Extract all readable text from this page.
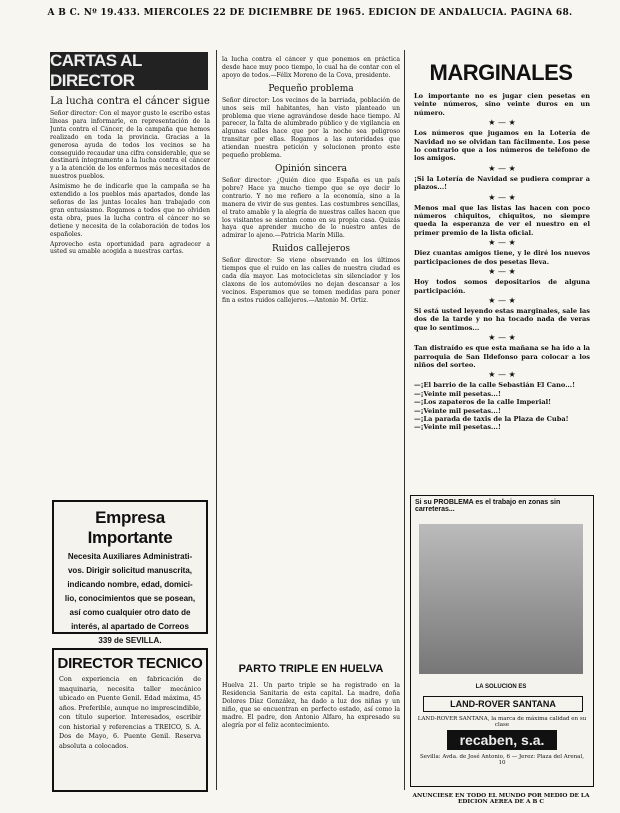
A B C. Nº 19.433. MIERCOLES 22 DE DICIEMBRE DE 1965. EDICION DE ANDALUCIA. PAGINA 68.
CARTAS AL DIRECTOR
La lucha contra el cáncer sigue

Señor director: Con el mayor gusto le escribo estas líneas para informarle, en representación de la Junta contra el Cáncer, de la campaña que hemos realizado en toda la provincia. Gracias a la generosa ayuda de todos los vecinos se ha conseguido recaudar una cifra considerable, que se destinará íntegramente a la lucha contra el cáncer y a la atención de los enfermos más necesitados de nuestros pueblos.

Asimismo he de indicarle que la campaña se ha extendido a los pueblos más apartados, donde las señoras de las juntas locales han trabajado con gran entusiasmo. Rogamos a todos que no olviden esta obra, pues la lucha contra el cáncer no se detiene y necesita de la colaboración de todos los españoles.

Aprovecho esta oportunidad para agradecer a usted su amable acogida a nuestras cartas.

Empresa Importante
Necesita Auxiliares Administrati-
vos. Dirigir solicitud manuscrita,
indicando nombre, edad, domici-
lio, conocimientos que se posean,
así como cualquier otro dato de
interés, al apartado de Correos
339 de SEVILLA.
DIRECTOR TECNICO
Con experiencia en fabricación de maquinaria, necesita taller mecánico ubicado en Puente Genil. Edad máxima, 45 años. Preferible, aunque no imprescindible, con título superior. Interesados, escribir con historial y referencias a TREICO, S. A. Dos de Mayo, 6. Puente Genil. Reserva absoluta a colocados.

la lucha contra el cáncer y que ponemos en práctica desde hace muy poco tiempo, lo cual ha de contar con el apoyo de todos.—Félix Moreno de la Cova, presidente.

Pequeño problema

Señor director: Los vecinos de la barriada, población de unos seis mil habitantes, han visto planteado un problema que viene agravándose desde hace tiempo. Al parecer, la falta de alumbrado público y de vigilancia en algunas calles hace que por la noche sea peligroso transitar por ellas. Rogamos a las autoridades que atiendan nuestra petición y solucionen pronto este pequeño problema.

Opinión sincera

Señor director: ¿Quién dice que España es un país pobre? Hace ya mucho tiempo que se oye decir lo contrario. Y no me refiero a la economía, sino a la manera de vivir de sus gentes. Las costumbres sencillas, el trato amable y la alegría de nuestras calles hacen que los visitantes se sientan como en su propia casa. Quizás haya que aprender mucho de lo nuestro antes de admirar lo ajeno.—Patricia Marín Milla.

Ruidos callejeros

Señor director: Se viene observando en los últimos tiempos que el ruido en las calles de nuestra ciudad es cada día mayor. Las motocicletas sin silenciador y los claxons de los automóviles no dejan descansar a los vecinos. Esperamos que se tomen medidas para poner fin a estos ruidos callejeros.—Antonio M. Ortiz.

PARTO TRIPLE EN HUELVA

Huelva 21. Un parto triple se ha registrado en la Residencia Sanitaria de esta capital. La madre, doña Dolores Díaz González, ha dado a luz dos niñas y un niño, que se encuentran en perfecto estado, así como la madre. El padre, don Antonio Alfaro, ha expresado su alegría por el feliz acontecimiento.

MARGINALES

Lo importante no es jugar cien pesetas en veinte números, sino veinte duros en un número.

★ — ★

Los números que jugamos en la Lotería de Navidad no se olvidan tan fácilmente. Los pese lo contrario que a los números de teléfono de los amigos.

★ — ★

¡Si la Lotería de Navidad se pudiera comprar a plazos...!

★ — ★

Menos mal que las listas las hacen con poco números chiquitos, chiquitos, no siempre queda la esperanza de ver el nuestro en el primer premio de la lista oficial.

★ — ★

Diez cuantas amigos tiene, y le diré los nuevos participaciones de dos pesetas lleva.

★ — ★

Hoy todos somos depositarios de alguna participación.

★ — ★

Si está usted leyendo estas marginales, sale las dos de la tarde y no ha tocado nada de veras que lo sentimos...

★ — ★

Tan distraído es que esta mañana se ha ido a la parroquia de San Ildefonso para colocar a los niños del sorteo.

★ — ★

—¡El barrio de la calle Sebastián El Cano...!

—¡Veinte mil pesetas...!

—¡Los zapateros de la calle Imperial!

—¡Veinte mil pesetas...!

—¡La parada de taxis de la Plaza de Cuba!

—¡Veinte mil pesetas...!

Si su PROBLEMA es el trabajo en zonas sin carreteras...
LA SOLUCION ES
LAND-ROVER SANTANA
LAND-ROVER SANTANA, la marca de máxima calidad en su clase
recaben, s.a.
Sevilla: Avda. de José Antonio, 6 — Jerez: Plaza del Arenal, 10
ANUNCIESE EN TODO EL MUNDO POR MEDIO DE LA EDICION AEREA DE A B C
